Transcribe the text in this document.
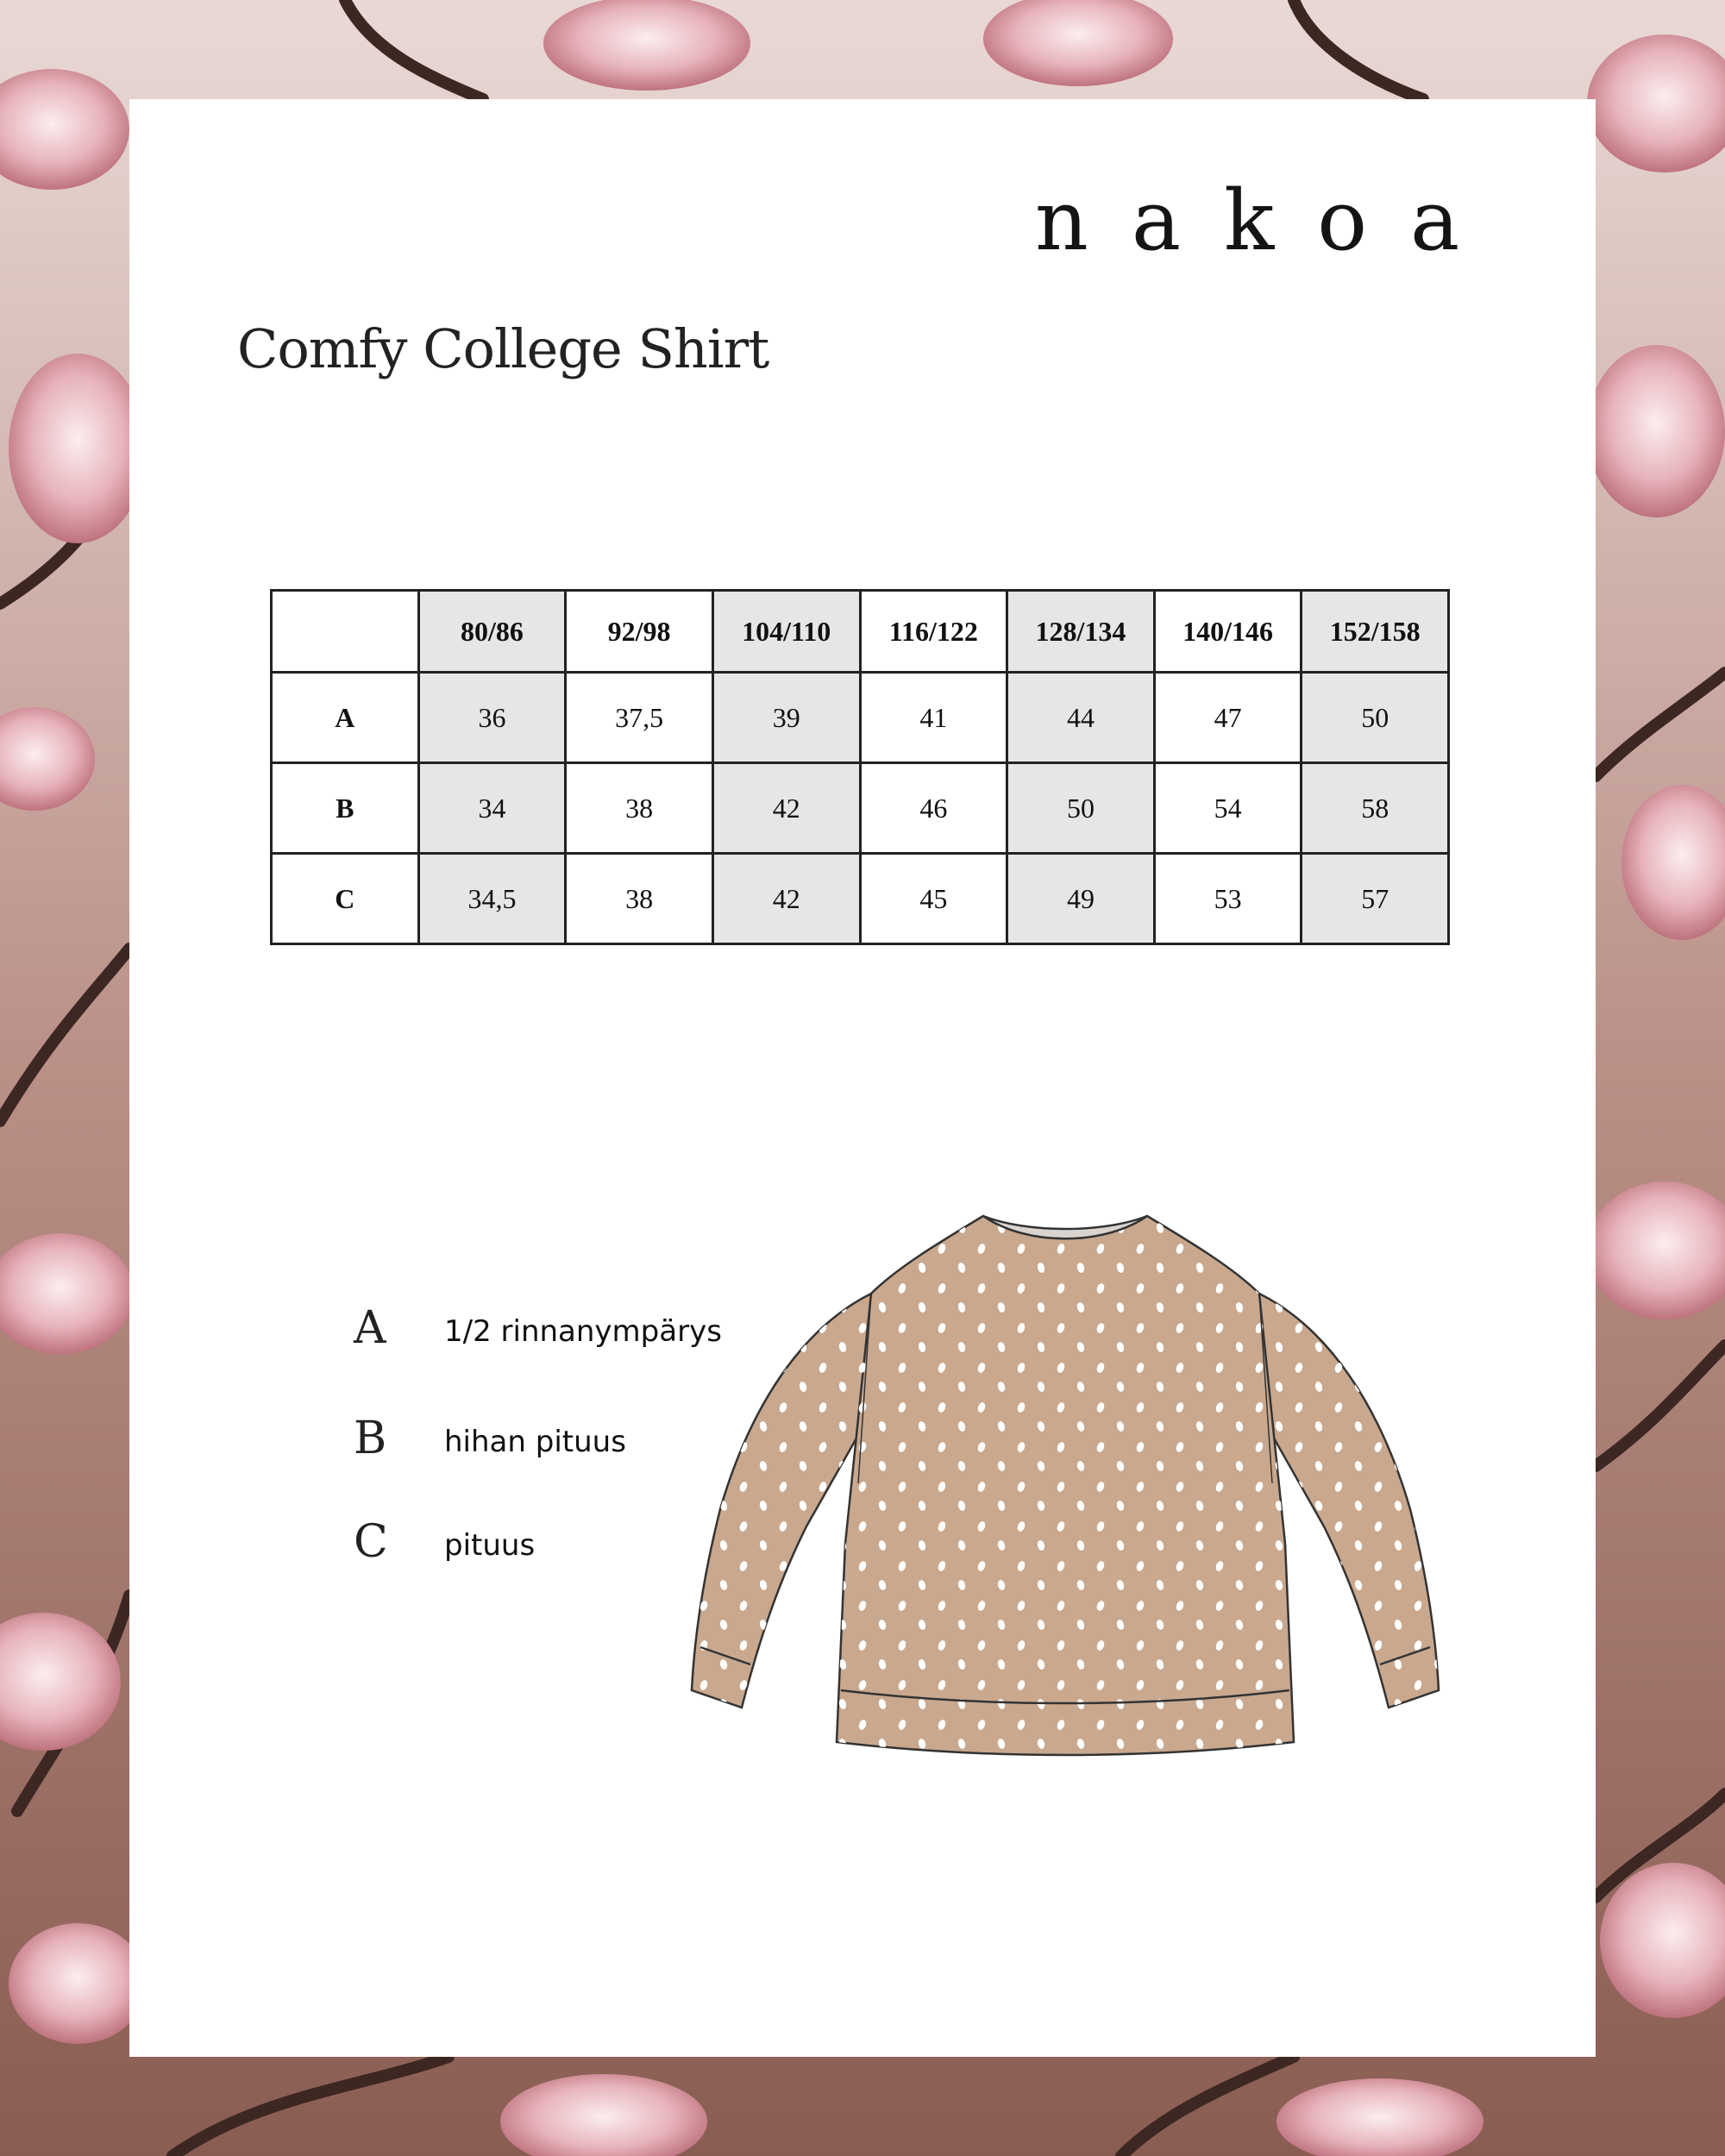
nakoa
Comfy College Shirt
	80/86	92/98	104/110	116/122	128/134	140/146	152/158
A	36	37,5	39	41	44	47	50
B	34	38	42	46	50	54	58
C	34,5	38	42	45	49	53	57
A 1/2 rinnanympärys
B hihan pituus
C pituus
